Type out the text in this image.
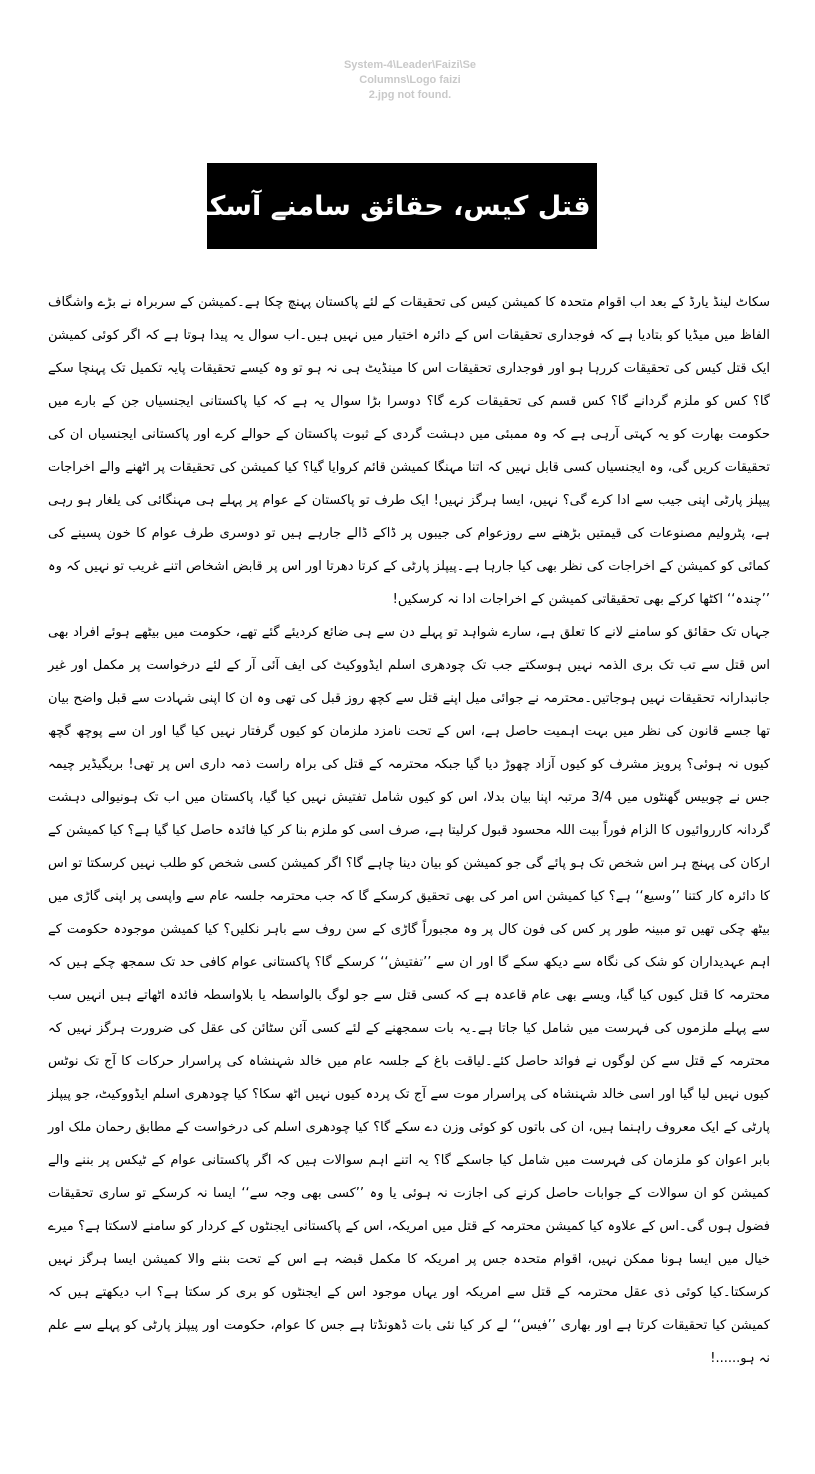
System-4\Leader\Faizi\Se
Columns\Logo faizi
2.jpg not found.
بینظیر قتل کیس، حقائق سامنے آسکیں گے؟

سکاٹ لینڈ یارڈ کے بعد اب اقوام متحدہ کا کمیشن کیس کی تحقیقات کے لئے پاکستان پہنچ چکا ہے۔کمیشن کے سربراہ نے بڑے واشگاف الفاظ میں میڈیا کو بتادیا ہے کہ فوجداری تحقیقات اس کے دائرہ اختیار میں نہیں ہیں۔اب سوال یہ پیدا ہوتا ہے کہ اگر کوئی کمیشن ایک قتل کیس کی تحقیقات کررہا ہو اور فوجداری تحقیقات اس کا مینڈیٹ ہی نہ ہو تو وہ کیسے تحقیقات پایہ تکمیل تک پہنچا سکے گا؟ کس کو ملزم گردانے گا؟ کس قسم کی تحقیقات کرے گا؟ دوسرا بڑا سوال یہ ہے کہ کیا پاکستانی ایجنسیاں جن کے بارے میں حکومت بھارت کو یہ کہتی آرہی ہے کہ وہ ممبئی میں دہشت گردی کے ثبوت پاکستان کے حوالے کرے اور پاکستانی ایجنسیاں ان کی تحقیقات کریں گی، وہ ایجنسیاں کسی قابل نہیں کہ اتنا مہنگا کمیشن قائم کروایا گیا؟ کیا کمیشن کی تحقیقات پر اٹھنے والے اخراجات پیپلز پارٹی اپنی جیب سے ادا کرے گی؟ نہیں، ایسا ہرگز نہیں! ایک طرف تو پاکستان کے عوام پر پہلے ہی مہنگائی کی یلغار ہو رہی ہے، پٹرولیم مصنوعات کی قیمتیں بڑھنے سے روزعوام کی جیبوں پر ڈاکے ڈالے جارہے ہیں تو دوسری طرف عوام کا خون پسینے کی کمائی کو کمیشن کے اخراجات کی نظر بھی کیا جارہا ہے۔پیپلز پارٹی کے کرتا دھرتا اور اس پر قابض اشخاص اتنے غریب تو نہیں کہ وہ ’’چندہ‘‘ اکٹھا کرکے بھی تحقیقاتی کمیشن کے اخراجات ادا نہ کرسکیں!

جہاں تک حقائق کو سامنے لانے کا تعلق ہے، سارے شواہد تو پہلے دن سے ہی ضائع کردیئے گئے تھے، حکومت میں بیٹھے ہوئے افراد بھی اس قتل سے تب تک بری الذمہ نہیں ہوسکتے جب تک چودھری اسلم ایڈووکیٹ کی ایف آئی آر کے لئے درخواست پر مکمل اور غیر جانبدارانہ تحقیقات نہیں ہوجاتیں۔محترمہ نے جوائی میل اپنے قتل سے کچھ روز قبل کی تھی وہ ان کا اپنی شہادت سے قبل واضح بیان تھا جسے قانون کی نظر میں بہت اہمیت حاصل ہے، اس کے تحت نامزد ملزمان کو کیوں گرفتار نہیں کیا گیا اور ان سے پوچھ گچھ کیوں نہ ہوئی؟ پرویز مشرف کو کیوں آزاد چھوڑ دیا گیا جبکہ محترمہ کے قتل کی براہ راست ذمہ داری اس پر تھی! بریگیڈیر چیمہ جس نے چوبیس گھنٹوں میں 3/4 مرتبہ اپنا بیان بدلا، اس کو کیوں شامل تفتیش نہیں کیا گیا، پاکستان میں اب تک ہونیوالی دہشت گردانہ کارروائیوں کا الزام فوراً بیت اللہ محسود قبول کرلیتا ہے، صرف اسی کو ملزم بنا کر کیا فائدہ حاصل کیا گیا ہے؟ کیا کمیشن کے ارکان کی پہنچ ہر اس شخص تک ہو پائے گی جو کمیشن کو بیان دینا چاہے گا؟ اگر کمیشن کسی شخص کو طلب نہیں کرسکتا تو اس کا دائرہ کار کتنا ’’وسیع‘‘ ہے؟ کیا کمیشن اس امر کی بھی تحقیق کرسکے گا کہ جب محترمہ جلسہ عام سے واپسی پر اپنی گاڑی میں بیٹھ چکی تھیں تو مبینہ طور پر کس کی فون کال پر وہ مجبوراً گاڑی کے سن روف سے باہر نکلیں؟ کیا کمیشن موجودہ حکومت کے اہم عہدیداران کو شک کی نگاہ سے دیکھ سکے گا اور ان سے ’’تفتیش‘‘ کرسکے گا؟ پاکستانی عوام کافی حد تک سمجھ چکے ہیں کہ محترمہ کا قتل کیوں کیا گیا، ویسے بھی عام قاعدہ ہے کہ کسی قتل سے جو لوگ بالواسطہ یا بلاواسطہ فائدہ اٹھاتے ہیں انہیں سب سے پہلے ملزموں کی فہرست میں شامل کیا جاتا ہے۔یہ بات سمجھنے کے لئے کسی آئن سٹائن کی عقل کی ضرورت ہرگز نہیں کہ محترمہ کے قتل سے کن لوگوں نے فوائد حاصل کئے۔لیاقت باغ کے جلسہ عام میں خالد شہنشاہ کی پراسرار حرکات کا آج تک نوٹس کیوں نہیں لیا گیا اور اسی خالد شہنشاہ کی پراسرار موت سے آج تک پردہ کیوں نہیں اٹھ سکا؟ کیا چودھری اسلم ایڈووکیٹ، جو پیپلز پارٹی کے ایک معروف راہنما ہیں، ان کی باتوں کو کوئی وزن دے سکے گا؟ کیا چودھری اسلم کی درخواست کے مطابق رحمان ملک اور بابر اعوان کو ملزمان کی فہرست میں شامل کیا جاسکے گا؟ یہ اتنے اہم سوالات ہیں کہ اگر پاکستانی عوام کے ٹیکس پر بننے والے کمیشن کو ان سوالات کے جوابات حاصل کرنے کی اجازت نہ ہوئی یا وہ ’’کسی بھی وجہ سے‘‘ ایسا نہ کرسکے تو ساری تحقیقات فضول ہوں گی۔اس کے علاوہ کیا کمیشن محترمہ کے قتل میں امریکہ، اس کے پاکستانی ایجنٹوں کے کردار کو سامنے لاسکتا ہے؟ میرے خیال میں ایسا ہونا ممکن نہیں، اقوام متحدہ جس پر امریکہ کا مکمل قبضہ ہے اس کے تحت بننے والا کمیشن ایسا ہرگز نہیں کرسکتا۔کیا کوئی ذی عقل محترمہ کے قتل سے امریکہ اور یہاں موجود اس کے ایجنٹوں کو بری کر سکتا ہے؟ اب دیکھتے ہیں کہ کمیشن کیا تحقیقات کرتا ہے اور بھاری ’’فیس‘‘ لے کر کیا نئی بات ڈھونڈتا ہے جس کا عوام، حکومت اور پیپلز پارٹی کو پہلے سے علم نہ ہو......!
